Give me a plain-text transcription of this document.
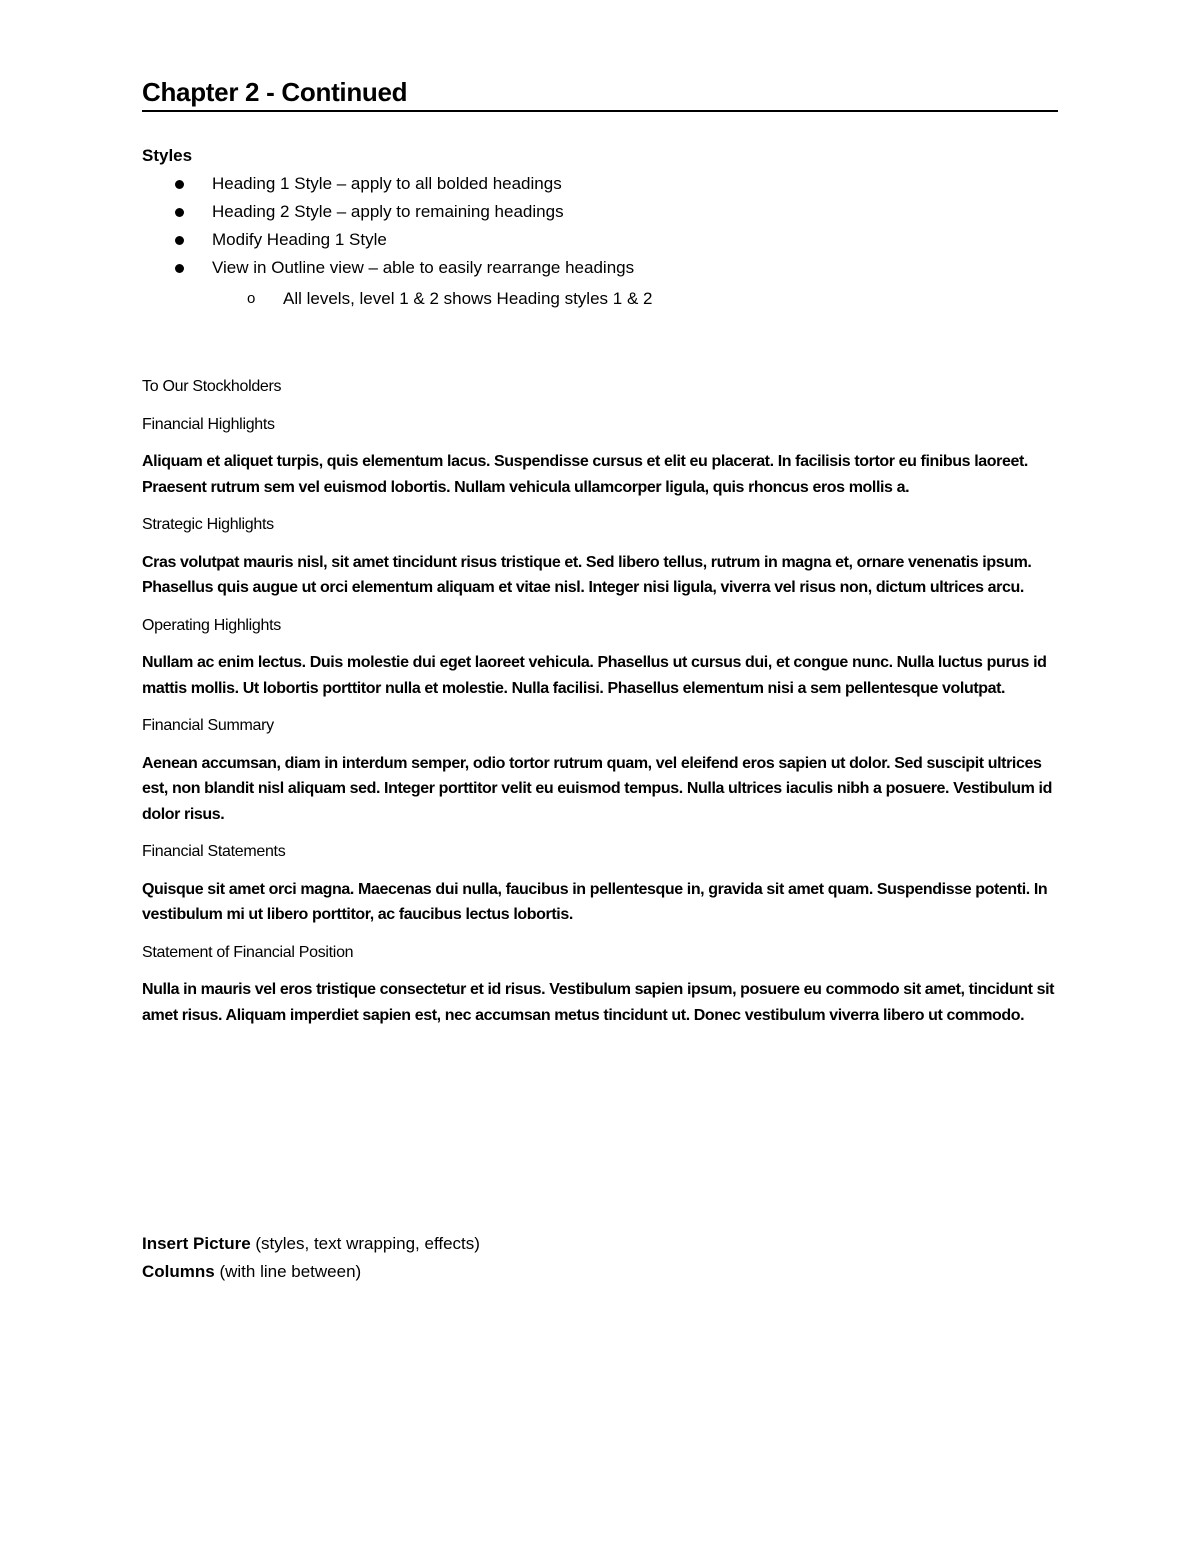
Chapter 2 - Continued
Styles
Heading 1 Style – apply to all bolded headings
Heading 2 Style – apply to remaining headings
Modify Heading 1 Style
View in Outline view – able to easily rearrange headings
o All levels, level 1 & 2 shows Heading styles 1 & 2
To Our Stockholders
Financial Highlights
Aliquam et aliquet turpis, quis elementum lacus. Suspendisse cursus et elit eu placerat. In facilisis tortor eu finibus laoreet. Praesent rutrum sem vel euismod lobortis. Nullam vehicula ullamcorper ligula, quis rhoncus eros mollis a.
Strategic Highlights
Cras volutpat mauris nisl, sit amet tincidunt risus tristique et. Sed libero tellus, rutrum in magna et, ornare venenatis ipsum. Phasellus quis augue ut orci elementum aliquam et vitae nisl. Integer nisi ligula, viverra vel risus non, dictum ultrices arcu.
Operating Highlights
Nullam ac enim lectus. Duis molestie dui eget laoreet vehicula. Phasellus ut cursus dui, et congue nunc. Nulla luctus purus id mattis mollis. Ut lobortis porttitor nulla et molestie. Nulla facilisi. Phasellus elementum nisi a sem pellentesque volutpat.
Financial Summary
Aenean accumsan, diam in interdum semper, odio tortor rutrum quam, vel eleifend eros sapien ut dolor. Sed suscipit ultrices est, non blandit nisl aliquam sed. Integer porttitor velit eu euismod tempus. Nulla ultrices iaculis nibh a posuere. Vestibulum id dolor risus.
Financial Statements
Quisque sit amet orci magna. Maecenas dui nulla, faucibus in pellentesque in, gravida sit amet quam. Suspendisse potenti. In vestibulum mi ut libero porttitor, ac faucibus lectus lobortis.
Statement of Financial Position
Nulla in mauris vel eros tristique consectetur et id risus. Vestibulum sapien ipsum, posuere eu commodo sit amet, tincidunt sit amet risus. Aliquam imperdiet sapien est, nec accumsan metus tincidunt ut. Donec vestibulum viverra libero ut commodo.
Insert Picture (styles, text wrapping, effects)
Columns (with line between)
